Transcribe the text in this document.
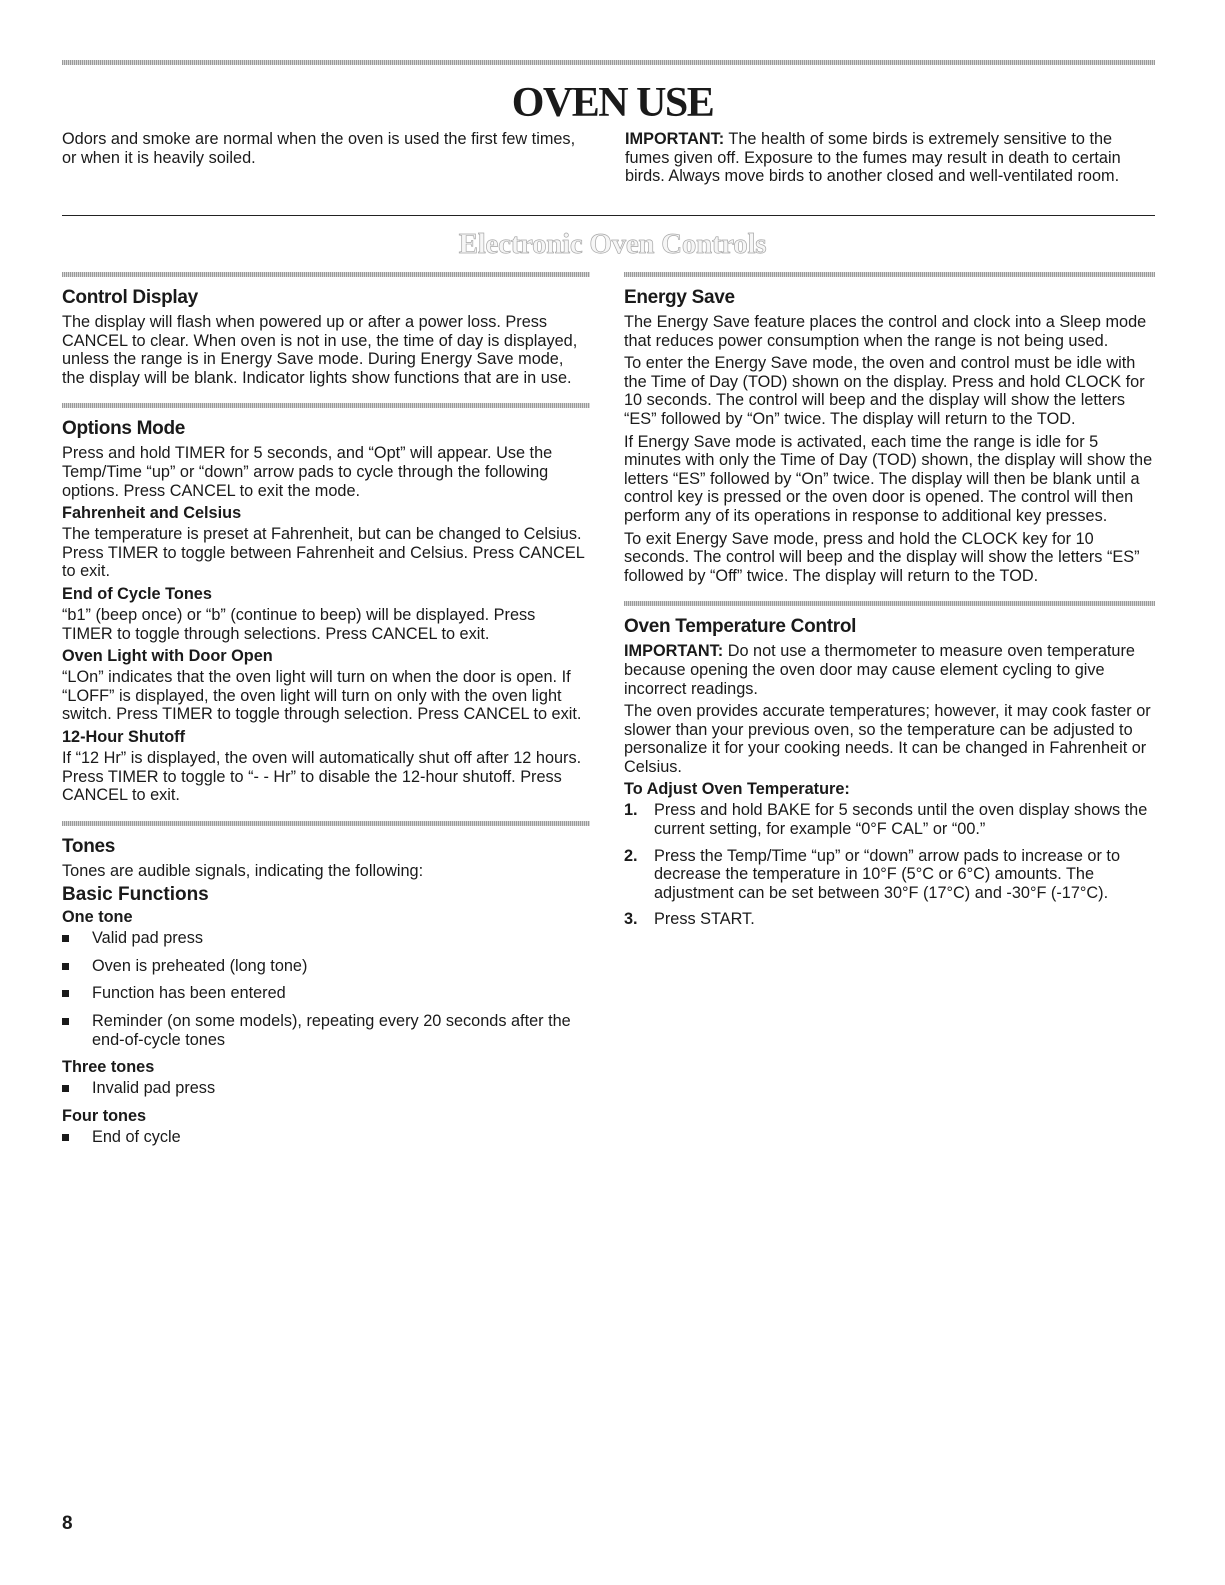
OVEN USE

Odors and smoke are normal when the oven is used the first few times, or when it is heavily soiled.

IMPORTANT: The health of some birds is extremely sensitive to the fumes given off. Exposure to the fumes may result in death to certain birds. Always move birds to another closed and well-ventilated room.

Electronic Oven Controls
Control Display

The display will flash when powered up or after a power loss. Press CANCEL to clear. When oven is not in use, the time of day is displayed, unless the range is in Energy Save mode. During Energy Save mode, the display will be blank. Indicator lights show functions that are in use.

Options Mode

Press and hold TIMER for 5 seconds, and “Opt” will appear. Use the Temp/Time “up” or “down” arrow pads to cycle through the following options. Press CANCEL to exit the mode.

Fahrenheit and Celsius

The temperature is preset at Fahrenheit, but can be changed to Celsius. Press TIMER to toggle between Fahrenheit and Celsius. Press CANCEL to exit.

End of Cycle Tones

“b1” (beep once) or “b” (continue to beep) will be displayed. Press TIMER to toggle through selections. Press CANCEL to exit.

Oven Light with Door Open

“LOn” indicates that the oven light will turn on when the door is open. If “LOFF” is displayed, the oven light will turn on only with the oven light switch. Press TIMER to toggle through selection. Press CANCEL to exit.

12-Hour Shutoff

If “12 Hr” is displayed, the oven will automatically shut off after 12 hours. Press TIMER to toggle to “- - Hr” to disable the 12-hour shutoff. Press CANCEL to exit.

Tones

Tones are audible signals, indicating the following:

Basic Functions
One tone
Valid pad press
Oven is preheated (long tone)
Function has been entered
Reminder (on some models), repeating every 20 seconds after the end-of-cycle tones
Three tones
Invalid pad press
Four tones
End of cycle
Energy Save

The Energy Save feature places the control and clock into a Sleep mode that reduces power consumption when the range is not being used.

To enter the Energy Save mode, the oven and control must be idle with the Time of Day (TOD) shown on the display. Press and hold CLOCK for 10 seconds. The control will beep and the display will show the letters “ES” followed by “On” twice. The display will return to the TOD.

If Energy Save mode is activated, each time the range is idle for 5 minutes with only the Time of Day (TOD) shown, the display will show the letters “ES” followed by “On” twice. The display will then be blank until a control key is pressed or the oven door is opened. The control will then perform any of its operations in response to additional key presses.

To exit Energy Save mode, press and hold the CLOCK key for 10 seconds. The control will beep and the display will show the letters “ES” followed by “Off” twice. The display will return to the TOD.

Oven Temperature Control

IMPORTANT: Do not use a thermometer to measure oven temperature because opening the oven door may cause element cycling to give incorrect readings.

The oven provides accurate temperatures; however, it may cook faster or slower than your previous oven, so the temperature can be adjusted to personalize it for your cooking needs. It can be changed in Fahrenheit or Celsius.

To Adjust Oven Temperature:
1. Press and hold BAKE for 5 seconds until the oven display shows the current setting, for example “0°F CAL” or “00.”
2. Press the Temp/Time “up” or “down” arrow pads to increase or to decrease the temperature in 10°F (5°C or 6°C) amounts. The adjustment can be set between 30°F (17°C) and -30°F (-17°C).
3. Press START.
8
